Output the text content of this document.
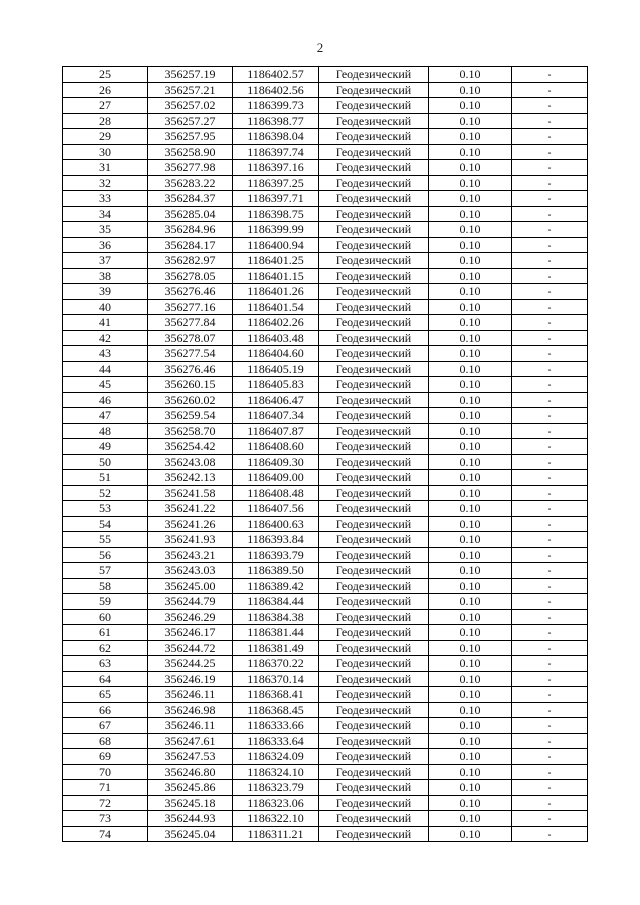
2
25	356257.19	1186402.57	Геодезический	0.10	-
26	356257.21	1186402.56	Геодезический	0.10	-
27	356257.02	1186399.73	Геодезический	0.10	-
28	356257.27	1186398.77	Геодезический	0.10	-
29	356257.95	1186398.04	Геодезический	0.10	-
30	356258.90	1186397.74	Геодезический	0.10	-
31	356277.98	1186397.16	Геодезический	0.10	-
32	356283.22	1186397.25	Геодезический	0.10	-
33	356284.37	1186397.71	Геодезический	0.10	-
34	356285.04	1186398.75	Геодезический	0.10	-
35	356284.96	1186399.99	Геодезический	0.10	-
36	356284.17	1186400.94	Геодезический	0.10	-
37	356282.97	1186401.25	Геодезический	0.10	-
38	356278.05	1186401.15	Геодезический	0.10	-
39	356276.46	1186401.26	Геодезический	0.10	-
40	356277.16	1186401.54	Геодезический	0.10	-
41	356277.84	1186402.26	Геодезический	0.10	-
42	356278.07	1186403.48	Геодезический	0.10	-
43	356277.54	1186404.60	Геодезический	0.10	-
44	356276.46	1186405.19	Геодезический	0.10	-
45	356260.15	1186405.83	Геодезический	0.10	-
46	356260.02	1186406.47	Геодезический	0.10	-
47	356259.54	1186407.34	Геодезический	0.10	-
48	356258.70	1186407.87	Геодезический	0.10	-
49	356254.42	1186408.60	Геодезический	0.10	-
50	356243.08	1186409.30	Геодезический	0.10	-
51	356242.13	1186409.00	Геодезический	0.10	-
52	356241.58	1186408.48	Геодезический	0.10	-
53	356241.22	1186407.56	Геодезический	0.10	-
54	356241.26	1186400.63	Геодезический	0.10	-
55	356241.93	1186393.84	Геодезический	0.10	-
56	356243.21	1186393.79	Геодезический	0.10	-
57	356243.03	1186389.50	Геодезический	0.10	-
58	356245.00	1186389.42	Геодезический	0.10	-
59	356244.79	1186384.44	Геодезический	0.10	-
60	356246.29	1186384.38	Геодезический	0.10	-
61	356246.17	1186381.44	Геодезический	0.10	-
62	356244.72	1186381.49	Геодезический	0.10	-
63	356244.25	1186370.22	Геодезический	0.10	-
64	356246.19	1186370.14	Геодезический	0.10	-
65	356246.11	1186368.41	Геодезический	0.10	-
66	356246.98	1186368.45	Геодезический	0.10	-
67	356246.11	1186333.66	Геодезический	0.10	-
68	356247.61	1186333.64	Геодезический	0.10	-
69	356247.53	1186324.09	Геодезический	0.10	-
70	356246.80	1186324.10	Геодезический	0.10	-
71	356245.86	1186323.79	Геодезический	0.10	-
72	356245.18	1186323.06	Геодезический	0.10	-
73	356244.93	1186322.10	Геодезический	0.10	-
74	356245.04	1186311.21	Геодезический	0.10	-
